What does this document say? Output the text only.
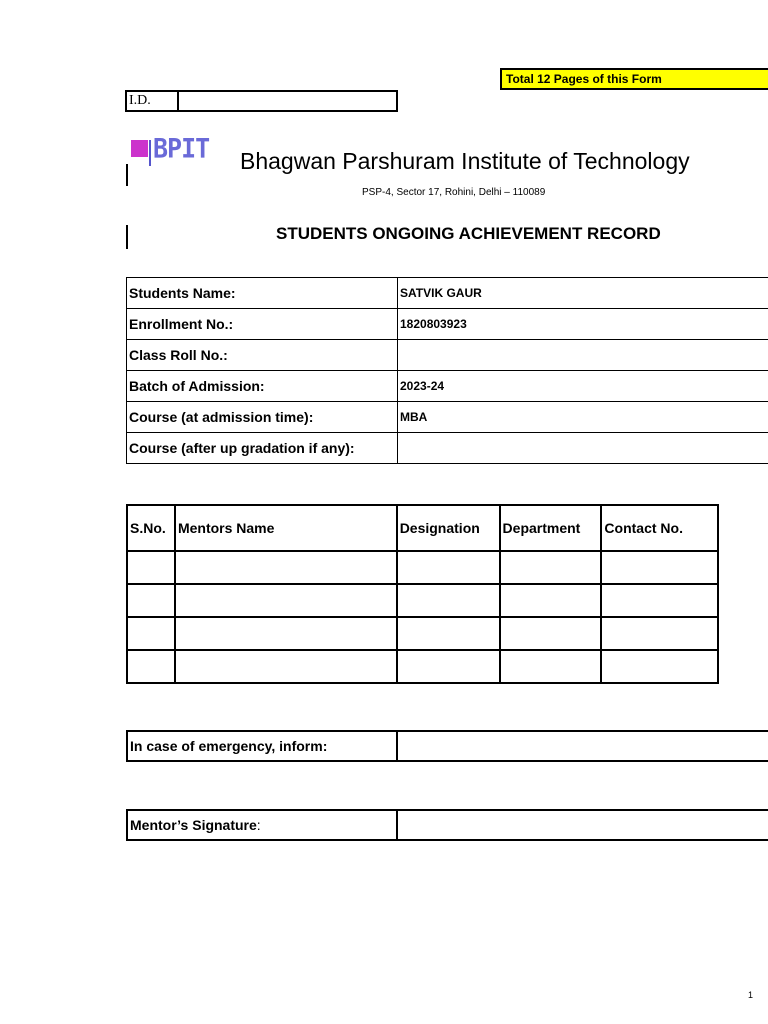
Total 12 Pages of this Form
I.D.
BPIT Bhagwan Parshuram Institute of Technology
PSP-4, Sector 17, Rohini, Delhi – 110089
STUDENTS ONGOING ACHIEVEMENT RECORD
Students Name:	SATVIK GAUR
Enrollment No.:	1820803923
Class Roll No.:	
Batch of Admission:	2023-24
Course (at admission time):	MBA
Course (after up gradation if any):	
S.No.	Mentors Name	Designation	Department	Contact No.

In case of emergency, inform:
Mentor’s Signature :
1
